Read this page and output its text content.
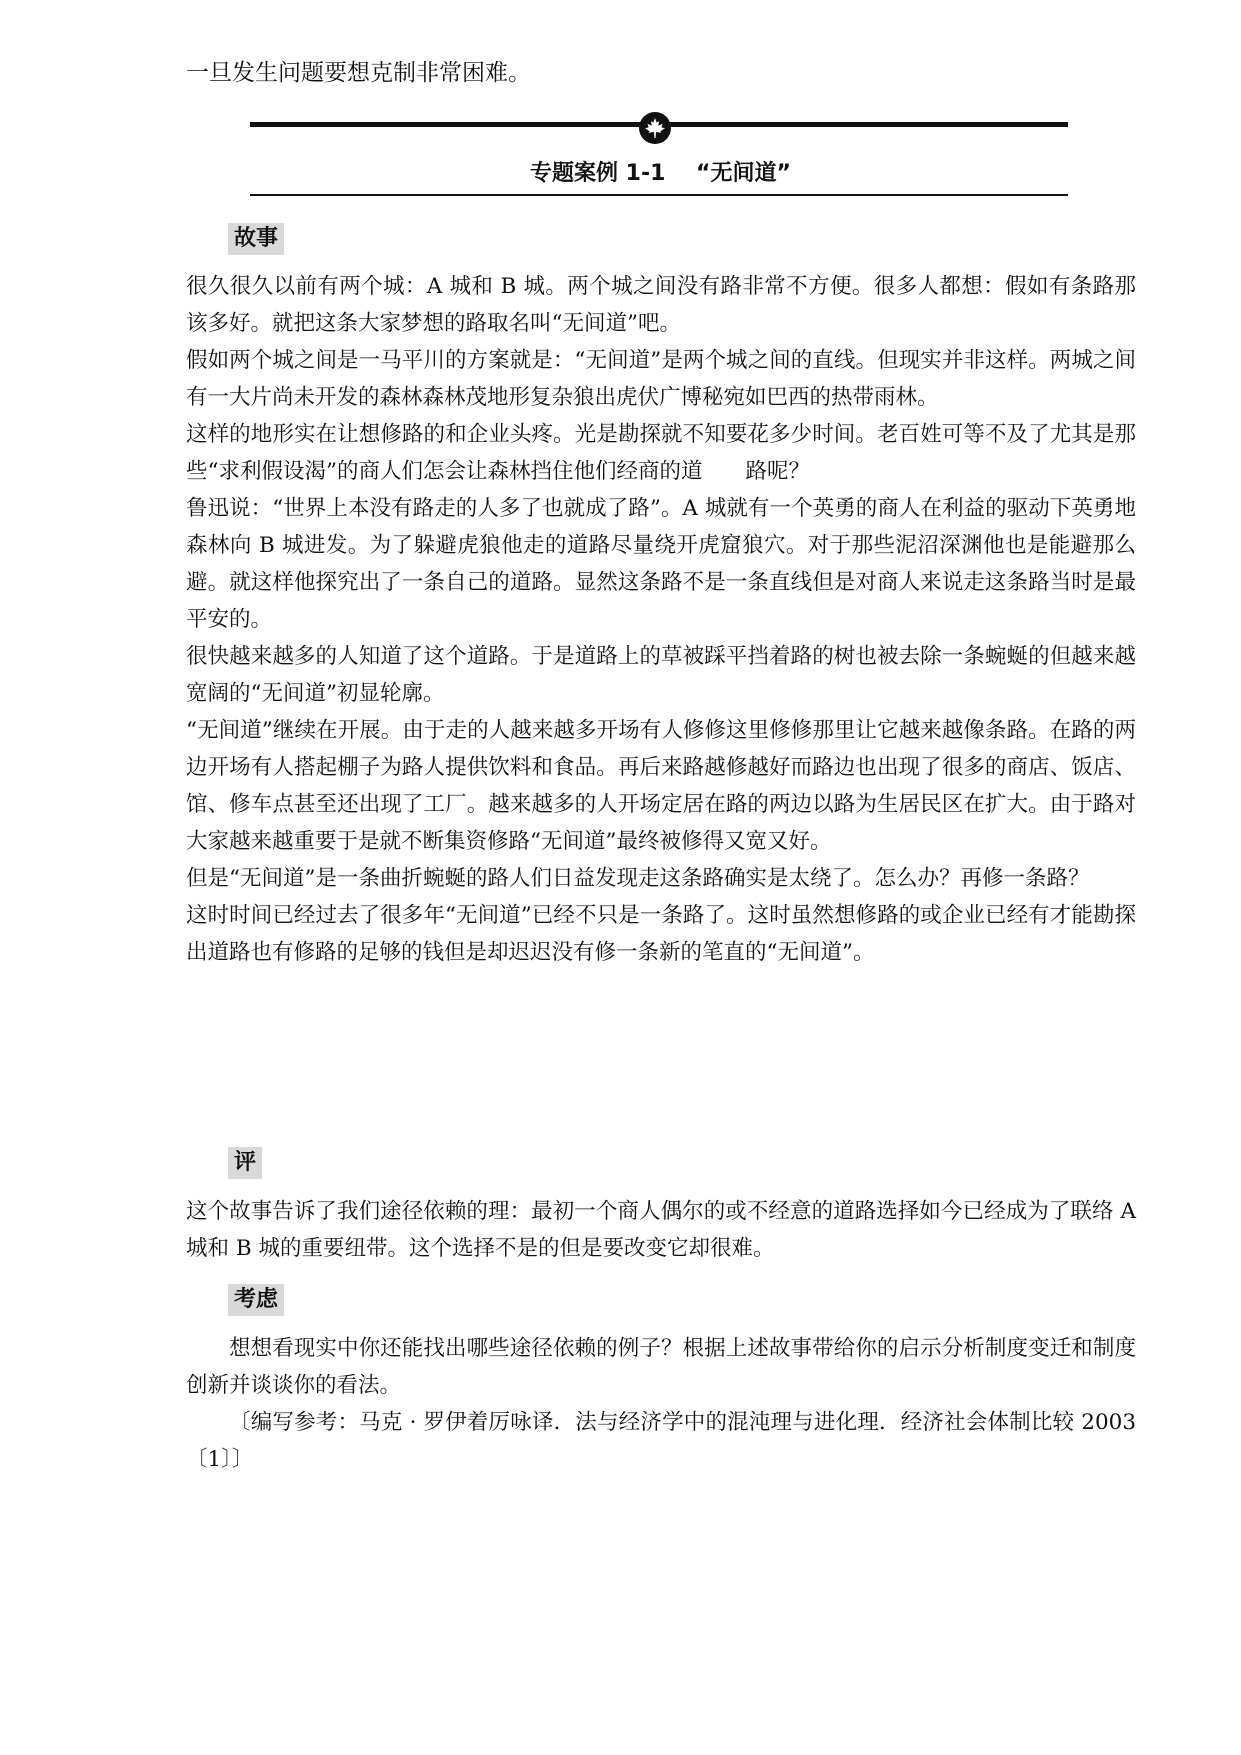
一旦发生问题要想克制非常困难。

专题案例 1-1    “无间道”
故事

很久很久以前有两个城：A 城和 B 城。两个城之间没有路非常不方便。很多人都想：假如有条路那该多好。就把这条大家梦想的路取名叫“无间道”吧。

假如两个城之间是一马平川的方案就是：“无间道”是两个城之间的直线。但现实并非这样。两城之间有一大片尚未开发的森林森林茂地形复杂狼出虎伏广博秘宛如巴西的热带雨林。

这样的地形实在让想修路的和企业头疼。光是勘探就不知要花多少时间。老百姓可等不及了尤其是那些“求利假设渴”的商人们怎会让森林挡住他们经商的道　　路呢？

鲁迅说：“世界上本没有路走的人多了也就成了路”。A 城就有一个英勇的商人在利益的驱动下英勇地森林向 B 城进发。为了躲避虎狼他走的道路尽量绕开虎窟狼穴。对于那些泥沼深渊他也是能避那么避。就这样他探究出了一条自己的道路。显然这条路不是一条直线但是对商人来说走这条路当时是最平安的。

很快越来越多的人知道了这个道路。于是道路上的草被踩平挡着路的树也被去除一条蜿蜒的但越来越宽阔的“无间道”初显轮廓。

“无间道”继续在开展。由于走的人越来越多开场有人修修这里修修那里让它越来越像条路。在路的两边开场有人搭起棚子为路人提供饮料和食品。再后来路越修越好而路边也出现了很多的商店、饭店、馆、修车点甚至还出现了工厂。越来越多的人开场定居在路的两边以路为生居民区在扩大。由于路对大家越来越重要于是就不断集资修路“无间道”最终被修得又宽又好。

但是“无间道”是一条曲折蜿蜒的路人们日益发现走这条路确实是太绕了。怎么办？再修一条路？

这时时间已经过去了很多年“无间道”已经不只是一条路了。这时虽然想修路的或企业已经有才能勘探出道路也有修路的足够的钱但是却迟迟没有修一条新的笔直的“无间道”。

评

这个故事告诉了我们途径依赖的理：最初一个商人偶尔的或不经意的道路选择如今已经成为了联络 A 城和 B 城的重要纽带。这个选择不是的但是要改变它却很难。

考虑

想想看现实中你还能找出哪些途径依赖的例子？根据上述故事带给你的启示分析制度变迁和制度创新并谈谈你的看法。

〔编写参考：马克 · 罗伊着厉咏译．法与经济学中的混沌理与进化理．经济社会体制比较 2003〔1〕〕
